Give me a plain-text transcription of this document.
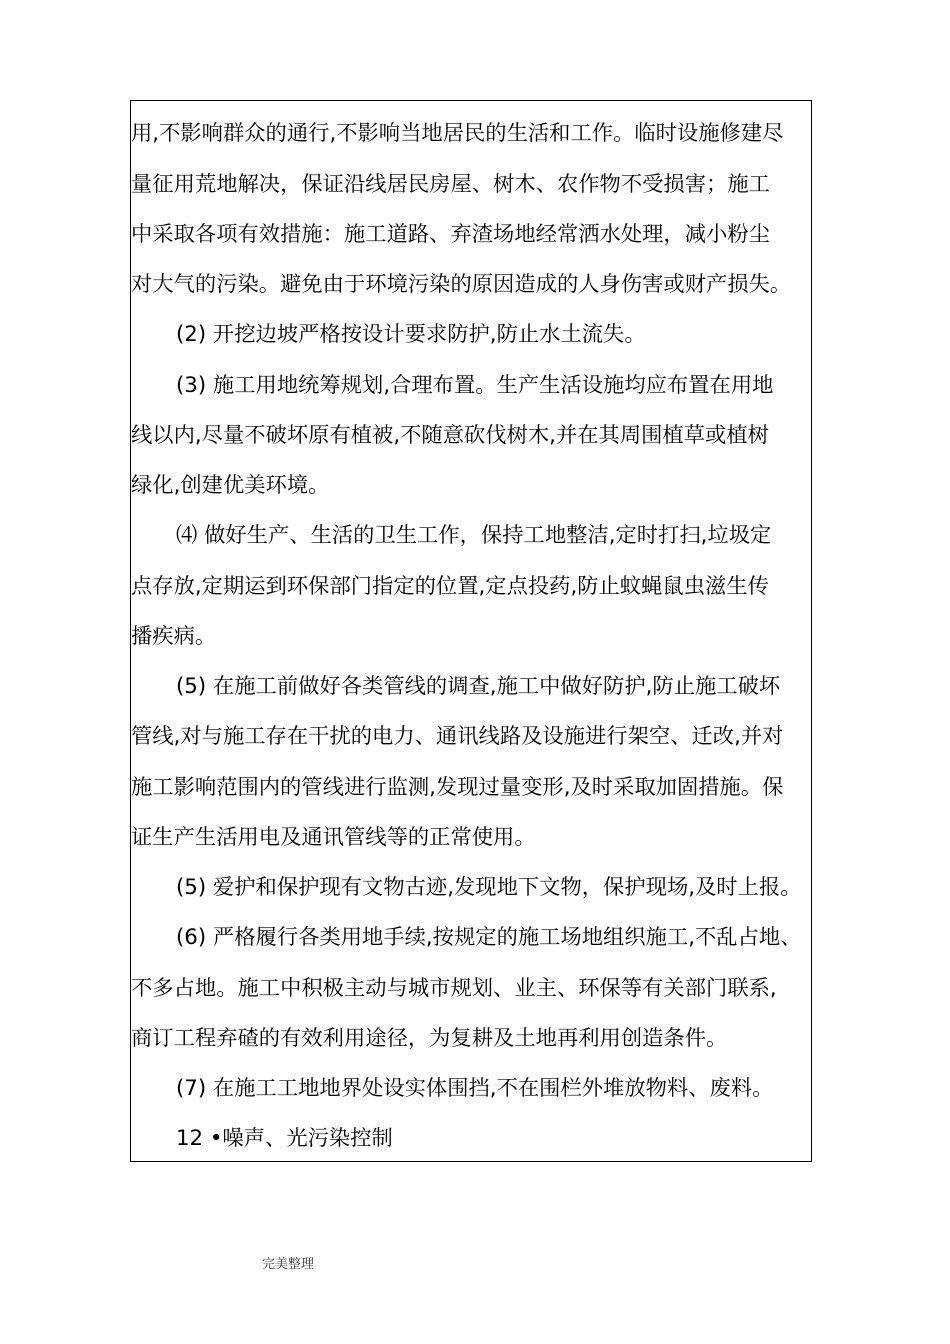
用,不影响群众的通行,不影响当地居民的生活和工作。临时设施修建尽
量征用荒地解决，保证沿线居民房屋、树木、农作物不受损害；施工
中采取各项有效措施：施工道路、弃渣场地经常洒水处理，减小粉尘
对大气的污染。避免由于环境污染的原因造成的人身伤害或财产损失。
(2) 开挖边坡严格按设计要求防护,防止水土流失。
(3) 施工用地统筹规划,合理布置。生产生活设施均应布置在用地
线以内,尽量不破坏原有植被,不随意砍伐树木,并在其周围植草或植树
绿化,创建优美环境。
⑷ 做好生产、生活的卫生工作，保持工地整洁,定时打扫,垃圾定
点存放,定期运到环保部门指定的位置,定点投药,防止蚊蝇鼠虫滋生传
播疾病。
(5) 在施工前做好各类管线的调查,施工中做好防护,防止施工破坏
管线,对与施工存在干扰的电力、通讯线路及设施进行架空、迁改,并对
施工影响范围内的管线进行监测,发现过量变形,及时采取加固措施。保
证生产生活用电及通讯管线等的正常使用。
(5) 爱护和保护现有文物古迹,发现地下文物，保护现场,及时上报。
(6) 严格履行各类用地手续,按规定的施工场地组织施工,不乱占地、
不多占地。施工中积极主动与城市规划、业主、环保等有关部门联系,
商订工程弃碴的有效利用途径，为复耕及土地再利用创造条件。
(7) 在施工工地地界处设实体围挡,不在围栏外堆放物料、废料。
12 •噪声、光污染控制
完美整理
